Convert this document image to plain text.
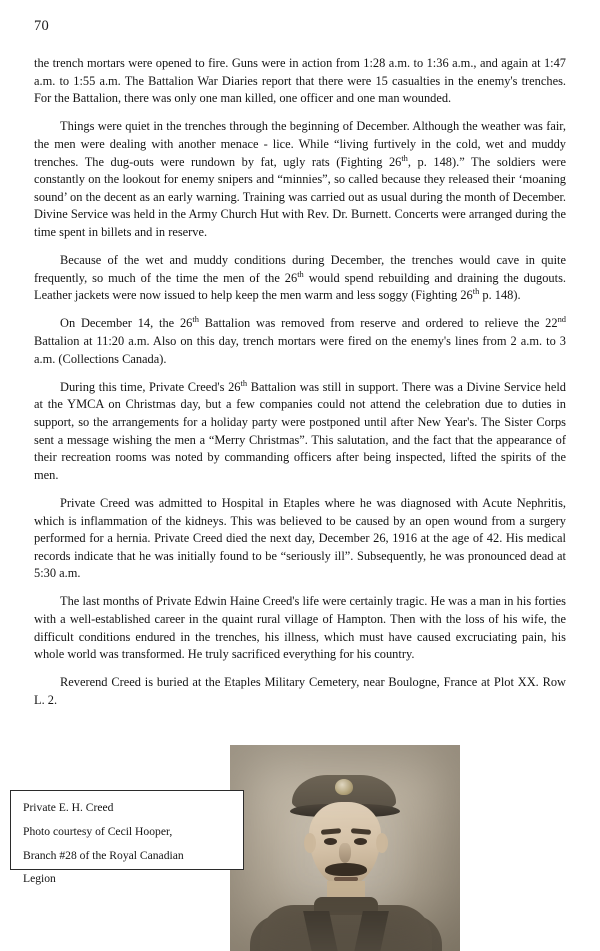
70

the trench mortars were opened to fire. Guns were in action from 1:28 a.m. to 1:36 a.m., and again at 1:47 a.m. to 1:55 a.m. The Battalion War Diaries report that there were 15 casualties in the enemy's trenches. For the Battalion, there was only one man killed, one officer and one man wounded.

Things were quiet in the trenches through the beginning of December. Although the weather was fair, the men were dealing with another menace - lice. While “living furtively in the cold, wet and muddy trenches. The dug-outs were rundown by fat, ugly rats (Fighting 26th, p. 148).” The soldiers were constantly on the lookout for enemy snipers and “minnies”, so called because they released their ‘moaning sound’ on the decent as an early warning. Training was carried out as usual during the month of December. Divine Service was held in the Army Church Hut with Rev. Dr. Burnett. Concerts were arranged during the time spent in billets and in reserve.

Because of the wet and muddy conditions during December, the trenches would cave in quite frequently, so much of the time the men of the 26th would spend rebuilding and draining the dugouts. Leather jackets were now issued to help keep the men warm and less soggy (Fighting 26th p. 148).

On December 14, the 26th Battalion was removed from reserve and ordered to relieve the 22nd Battalion at 11:20 a.m. Also on this day, trench mortars were fired on the enemy's lines from 2 a.m. to 3 a.m. (Collections Canada).

During this time, Private Creed's 26th Battalion was still in support. There was a Divine Service held at the YMCA on Christmas day, but a few companies could not attend the celebration due to duties in support, so the arrangements for a holiday party were postponed until after New Year's. The Sister Corps sent a message wishing the men a “Merry Christmas”. This salutation, and the fact that the appearance of their recreation rooms was noted by commanding officers after being inspected, lifted the spirits of the men.

Private Creed was admitted to Hospital in Etaples where he was diagnosed with Acute Nephritis, which is inflammation of the kidneys. This was believed to be caused by an open wound from a surgery performed for a hernia. Private Creed died the next day, December 26, 1916 at the age of 42. His medical records indicate that he was initially found to be “seriously ill”. Subsequently, he was pronounced dead at 5:30 a.m.

The last months of Private Edwin Haine Creed's life were certainly tragic. He was a man in his forties with a well-established career in the quaint rural village of Hampton. Then with the loss of his wife, the difficult conditions endured in the trenches, his illness, which must have caused excruciating pain, his whole world was transformed. He truly sacrificed everything for his country.

Reverend Creed is buried at the Etaples Military Cemetery, near Boulogne, France at Plot XX. Row L. 2.

Private E. H. Creed

Photo courtesy of Cecil Hooper,

Branch #28 of the Royal Canadian

Legion
